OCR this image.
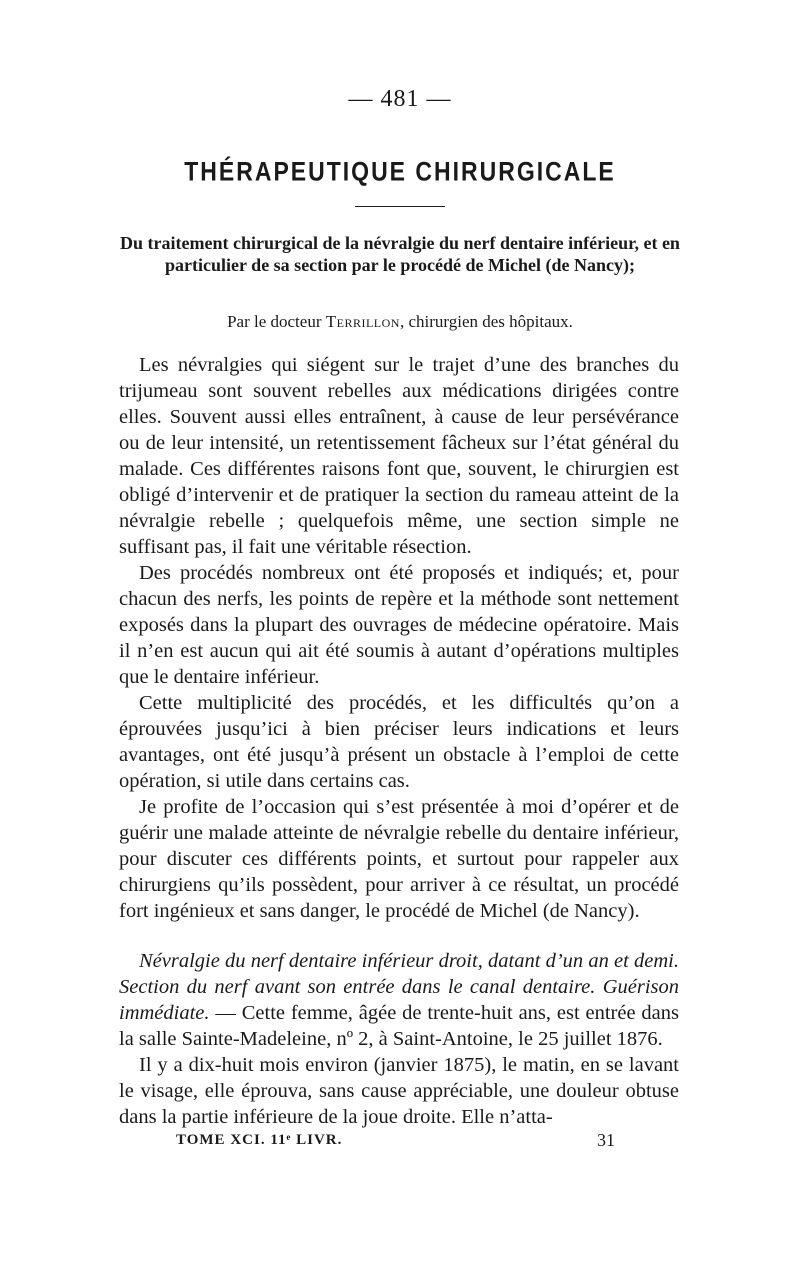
— 481 —
THÉRAPEUTIQUE CHIRURGICALE
Du traitement chirurgical de la névralgie du nerf dentaire inférieur, et en particulier de sa section par le procédé de Michel (de Nancy);
Par le docteur Terrillon, chirurgien des hôpitaux.

Les névralgies qui siégent sur le trajet d’une des branches du trijumeau sont souvent rebelles aux médications dirigées contre elles. Souvent aussi elles entraînent, à cause de leur persévérance ou de leur intensité, un retentissement fâcheux sur l’état général du malade. Ces différentes raisons font que, souvent, le chirurgien est obligé d’intervenir et de pratiquer la section du rameau atteint de la névralgie rebelle ; quelquefois même, une section simple ne suffisant pas, il fait une véritable résection.

Des procédés nombreux ont été proposés et indiqués; et, pour chacun des nerfs, les points de repère et la méthode sont nettement exposés dans la plupart des ouvrages de médecine opératoire. Mais il n’en est aucun qui ait été soumis à autant d’opérations multiples que le dentaire inférieur.

Cette multiplicité des procédés, et les difficultés qu’on a éprouvées jusqu’ici à bien préciser leurs indications et leurs avantages, ont été jusqu’à présent un obstacle à l’emploi de cette opération, si utile dans certains cas.

Je profite de l’occasion qui s’est présentée à moi d’opérer et de guérir une malade atteinte de névralgie rebelle du dentaire inférieur, pour discuter ces différents points, et surtout pour rappeler aux chirurgiens qu’ils possèdent, pour arriver à ce résultat, un procédé fort ingénieux et sans danger, le procédé de Michel (de Nancy).

Névralgie du nerf dentaire inférieur droit, datant d’un an et demi. Section du nerf avant son entrée dans le canal dentaire. Guérison immédiate. — Cette femme, âgée de trente-huit ans, est entrée dans la salle Sainte-Madeleine, nº 2, à Saint-Antoine, le 25 juillet 1876.

Il y a dix-huit mois environ (janvier 1875), le matin, en se lavant le visage, elle éprouva, sans cause appréciable, une douleur obtuse dans la partie inférieure de la joue droite. Elle n’atta-

TOME XCI. 11ᵉ LIVR.	31
